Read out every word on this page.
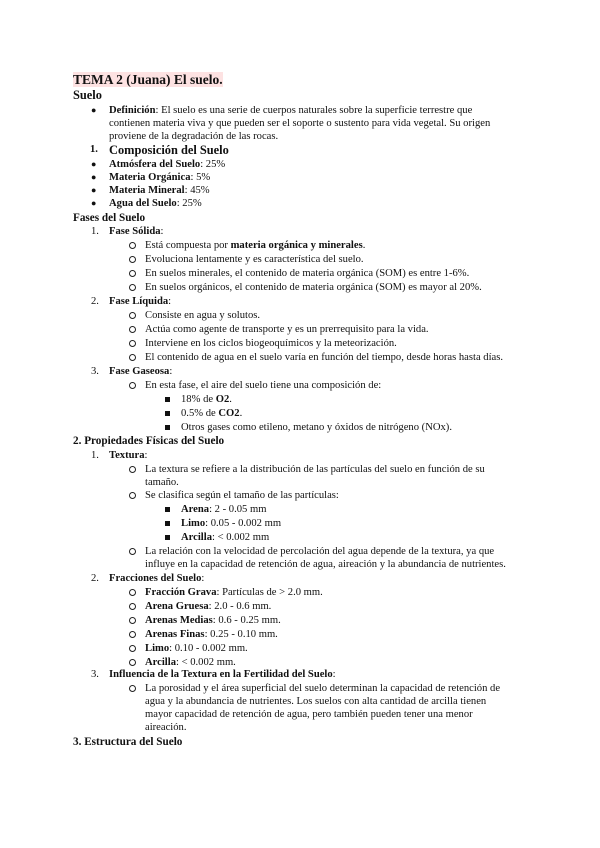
TEMA 2 (Juana) El suelo.
Suelo
● Definición: El suelo es una serie de cuerpos naturales sobre la superficie terrestre que
contienen materia viva y que pueden ser el soporte o sustento para vida vegetal. Su origen
proviene de la degradación de las rocas.
1. Composición del Suelo
● Atmósfera del Suelo: 25%
● Materia Orgánica: 5%
● Materia Mineral: 45%
● Agua del Suelo: 25%
Fases del Suelo
1. Fase Sólida:
Está compuesta por materia orgánica y minerales.
Evoluciona lentamente y es característica del suelo.
En suelos minerales, el contenido de materia orgánica (SOM) es entre 1-6%.
En suelos orgánicos, el contenido de materia orgánica (SOM) es mayor al 20%.
2. Fase Líquida:
Consiste en agua y solutos.
Actúa como agente de transporte y es un prerrequisito para la vida.
Interviene en los ciclos biogeoquímicos y la meteorización.
El contenido de agua en el suelo varía en función del tiempo, desde horas hasta días.
3. Fase Gaseosa:
En esta fase, el aire del suelo tiene una composición de:
18% de O2.
0.5% de CO2.
Otros gases como etileno, metano y óxidos de nitrógeno (NOx).
2. Propiedades Físicas del Suelo
1. Textura:
La textura se refiere a la distribución de las partículas del suelo en función de su
tamaño.
Se clasifica según el tamaño de las partículas:
Arena: 2 - 0.05 mm
Limo: 0.05 - 0.002 mm
Arcilla: < 0.002 mm
La relación con la velocidad de percolación del agua depende de la textura, ya que
influye en la capacidad de retención de agua, aireación y la abundancia de nutrientes.
2. Fracciones del Suelo:
Fracción Grava: Partículas de > 2.0 mm.
Arena Gruesa: 2.0 - 0.6 mm.
Arenas Medias: 0.6 - 0.25 mm.
Arenas Finas: 0.25 - 0.10 mm.
Limo: 0.10 - 0.002 mm.
Arcilla: < 0.002 mm.
3. Influencia de la Textura en la Fertilidad del Suelo:
La porosidad y el área superficial del suelo determinan la capacidad de retención de
agua y la abundancia de nutrientes. Los suelos con alta cantidad de arcilla tienen
mayor capacidad de retención de agua, pero también pueden tener una menor
aireación.
3. Estructura del Suelo
